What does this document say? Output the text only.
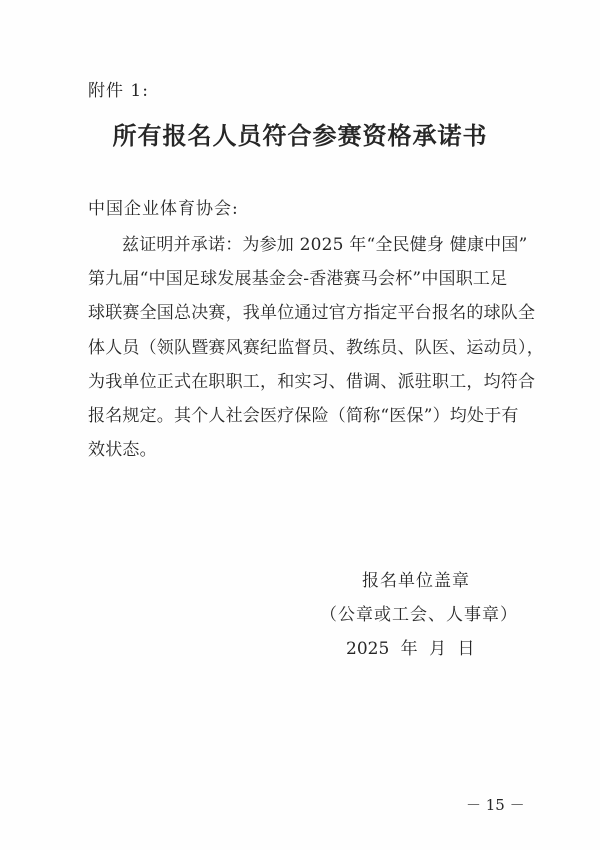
附件 1:
所有报名人员符合参赛资格承诺书
中国企业体育协会:
兹证明并承诺：为参加 2025 年“全民健身 健康中国”
第九届“中国足球发展基金会-香港赛马会杯”中国职工足
球联赛全国总决赛，我单位通过官方指定平台报名的球队全
体人员（领队暨赛风赛纪监督员、教练员、队医、运动员），
为我单位正式在职职工，和实习、借调、派驻职工，均符合
报名规定。其个人社会医疗保险（简称“医保”）均处于有
效状态。
报名单位盖章
（公章或工会、人事章）
2025 年 月 日
－ 15 －
